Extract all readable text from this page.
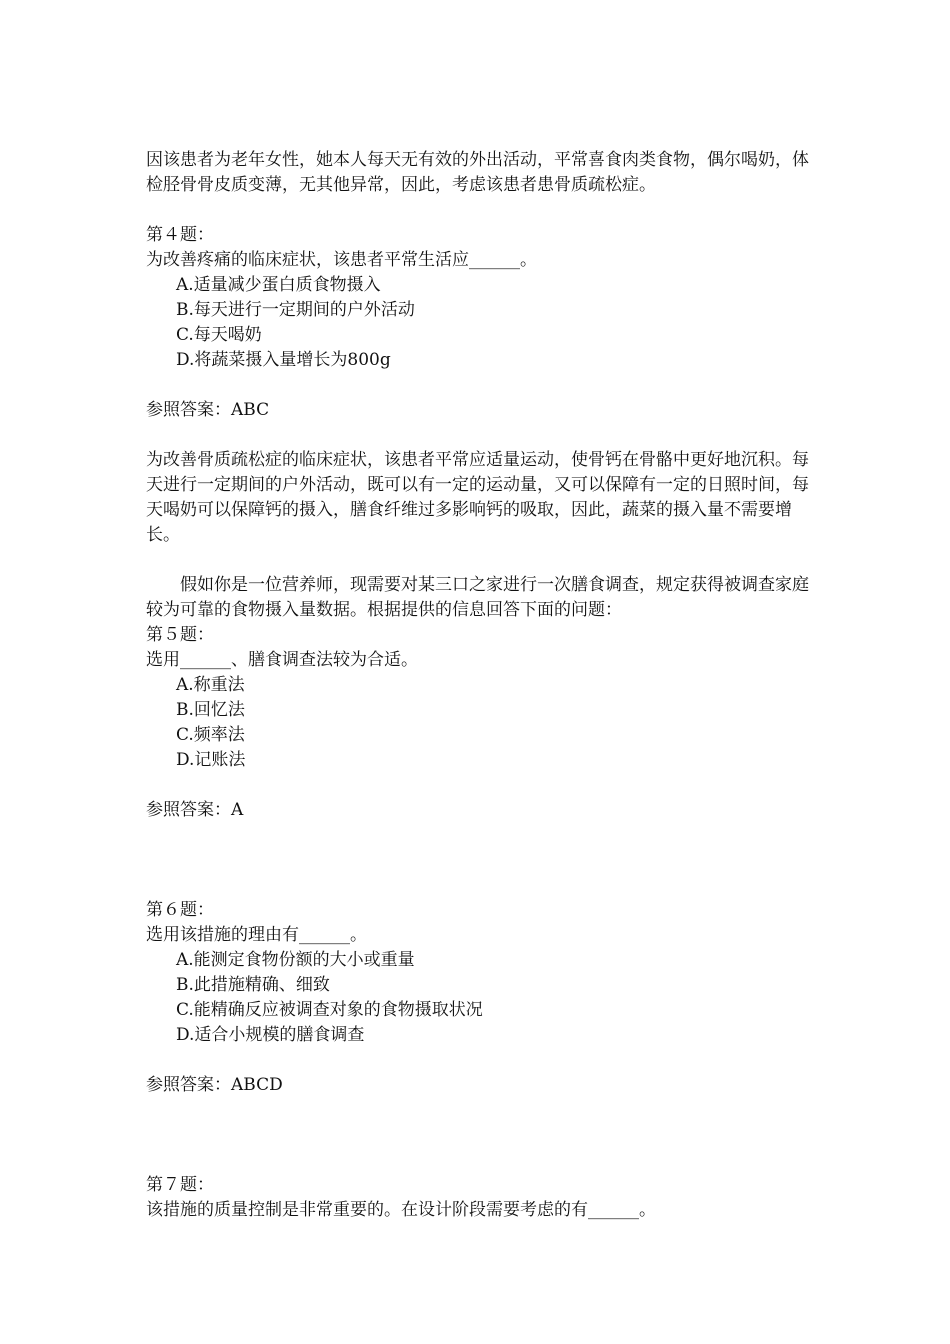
因该患者为老年女性，她本人每天无有效的外出活动，平常喜食肉类食物，偶尔喝奶，体检胫骨骨皮质变薄，无其他异常，因此，考虑该患者患骨质疏松症。
第４题：
为改善疼痛的临床症状，该患者平常生活应______。
A.适量减少蛋白质食物摄入
B.每天进行一定期间的户外活动
C.每天喝奶
D.将蔬菜摄入量增长为800g
参照答案：ABC
为改善骨质疏松症的临床症状，该患者平常应适量运动，使骨钙在骨骼中更好地沉积。每天进行一定期间的户外活动，既可以有一定的运动量，又可以保障有一定的日照时间，每天喝奶可以保障钙的摄入，膳食纤维过多影响钙的吸取，因此，蔬菜的摄入量不需要增长。
假如你是一位营养师，现需要对某三口之家进行一次膳食调查，规定获得被调查家庭较为可靠的食物摄入量数据。根据提供的信息回答下面的问题：
第５题：
选用______、膳食调查法较为合适。
A.称重法
B.回忆法
C.频率法
D.记账法
参照答案：A
第６题：
选用该措施的理由有______。
A.能测定食物份额的大小或重量
B.此措施精确、细致
C.能精确反应被调查对象的食物摄取状况
D.适合小规模的膳食调查
参照答案：ABCD
第７题：
该措施的质量控制是非常重要的。在设计阶段需要考虑的有______。
